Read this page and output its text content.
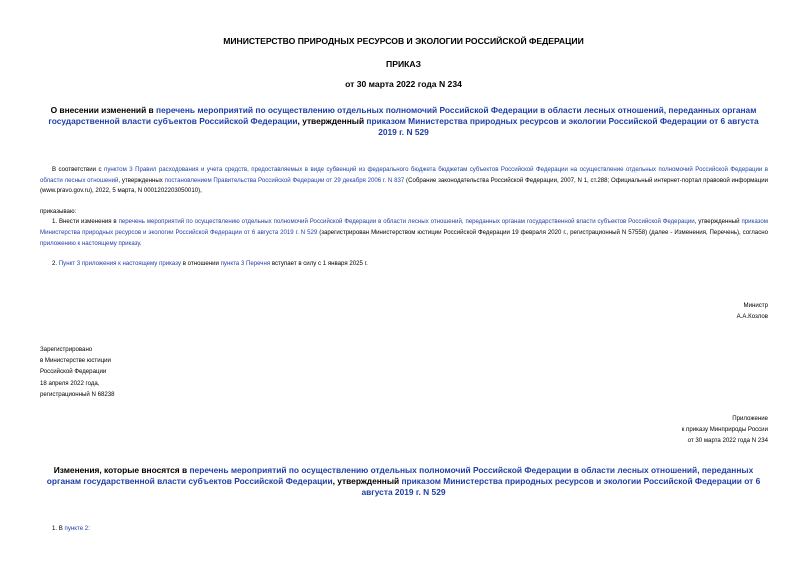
МИНИСТЕРСТВО ПРИРОДНЫХ РЕСУРСОВ И ЭКОЛОГИИ РОССИЙСКОЙ ФЕДЕРАЦИИ
ПРИКАЗ
от 30 марта 2022 года N 234
О внесении изменений в перечень мероприятий по осуществлению отдельных полномочий Российской Федерации в области лесных отношений, переданных органам государственной власти субъектов Российской Федерации, утвержденный приказом Министерства природных ресурсов и экологии Российской Федерации от 6 августа 2019 г. N 529

В соответствии с пунктом 3 Правил расходования и учета средств, предоставляемых в виде субвенций из федерального бюджета бюджетам субъектов Российской Федерации на осуществление отдельных полномочий Российской Федерации в области лесных отношений, утвержденных постановлением Правительства Российской Федерации от 29 декабря 2006 г. N 837 (Собрание законодательства Российской Федерации, 2007, N 1, ст.288; Официальный интернет-портал правовой информации (www.pravo.gov.ru), 2022, 5 марта, N 0001202203050010),

приказываю:

1. Внести изменения в перечень мероприятий по осуществлению отдельных полномочий Российской Федерации в области лесных отношений, переданных органам государственной власти субъектов Российской Федерации, утвержденный приказом Министерства природных ресурсов и экологии Российской Федерации от 6 августа 2019 г. N 529 (зарегистрирован Министерством юстиции Российской Федерации 19 февраля 2020 г., регистрационный N 57558) (далее - Изменения, Перечень), согласно приложению к настоящему приказу.

2. Пункт 3 приложения к настоящему приказу в отношении пункта 3 Перечня вступает в силу с 1 января 2025 г.

Министр
А.А.Козлов
Зарегистрировано
в Министерстве юстиции
Российской Федерации
18 апреля 2022 года,
регистрационный N 68238
Приложение
к приказу Минприроды России
от 30 марта 2022 года N 234
Изменения, которые вносятся в перечень мероприятий по осуществлению отдельных полномочий Российской Федерации в области лесных отношений, переданных органам государственной власти субъектов Российской Федерации, утвержденный приказом Министерства природных ресурсов и экологии Российской Федерации от 6 августа 2019 г. N 529

1. В пункте 2:
